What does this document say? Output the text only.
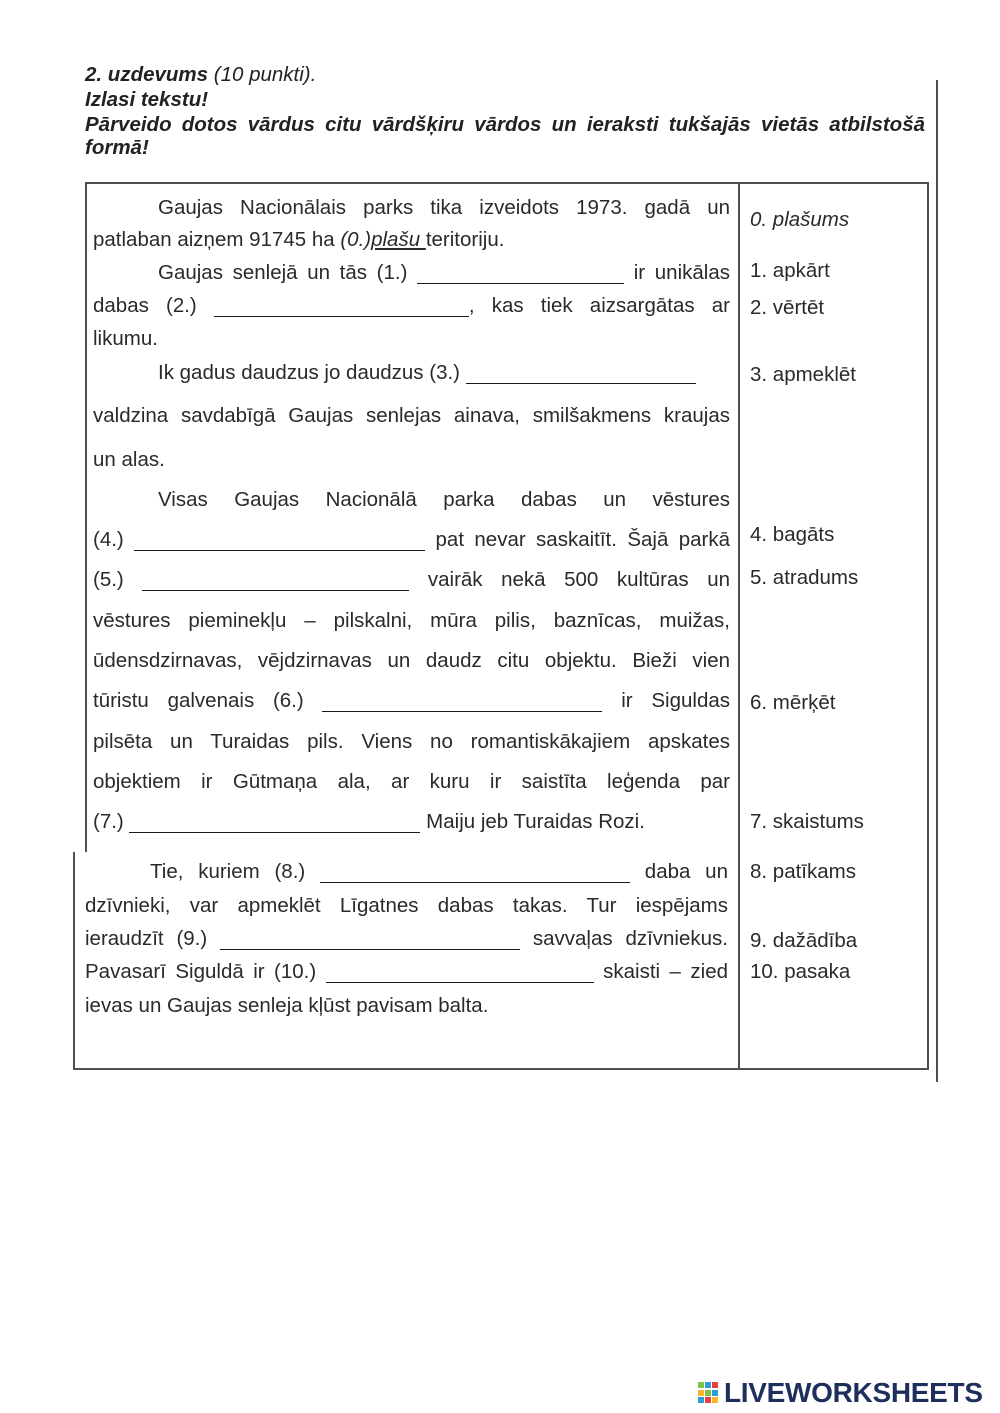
2. uzdevums (10 punkti).
Izlasi tekstu!
Pārveido dotos vārdus citu vārdšķiru vārdos un ieraksti tukšajās vietās atbilstošā
formā!
Gaujas Nacionālais parks tika izveidots 1973. gadā un
patlaban aizņem 91745 ha (0.)plašu teritoriju.
Gaujas senlejā un tās (1.)	ir unikālas
dabas (2.)	, kas tiek aizsargātas ar
likumu.
Ik gadus daudzus jo daudzus (3.)
valdzina savdabīgā Gaujas senlejas ainava, smilšakmens kraujas
un alas.
Visas Gaujas Nacionālā parka dabas un vēstures
(4.)	pat nevar saskaitīt. Šajā parkā
(5.)	vairāk nekā 500 kultūras un
vēstures pieminekļu – pilskalni, mūra pilis, baznīcas, muižas,
ūdensdzirnavas, vējdzirnavas un daudz citu objektu. Bieži vien
tūristu galvenais (6.)	ir Siguldas
pilsēta un Turaidas pils. Viens no romantiskākajiem apskates
objektiem ir Gūtmaņa ala, ar kuru ir saistīta leģenda par
(7.)	Maiju jeb Turaidas Rozi.
Tie, kuriem (8.)	daba un
dzīvnieki, var apmeklēt Līgatnes dabas takas. Tur iespējams
ieraudzīt (9.)	savvaļas dzīvniekus.
Pavasarī Siguldā ir (10.)	skaisti – zied
ievas un Gaujas senleja kļūst pavisam balta.
0. plašums
1. apkārt
2. vērtēt
3. apmeklēt
4. bagāts
5. atradums
6. mērķēt
7. skaistums
8. patīkams
9. dažādība
10. pasaka
LIVEWORKSHEETS
